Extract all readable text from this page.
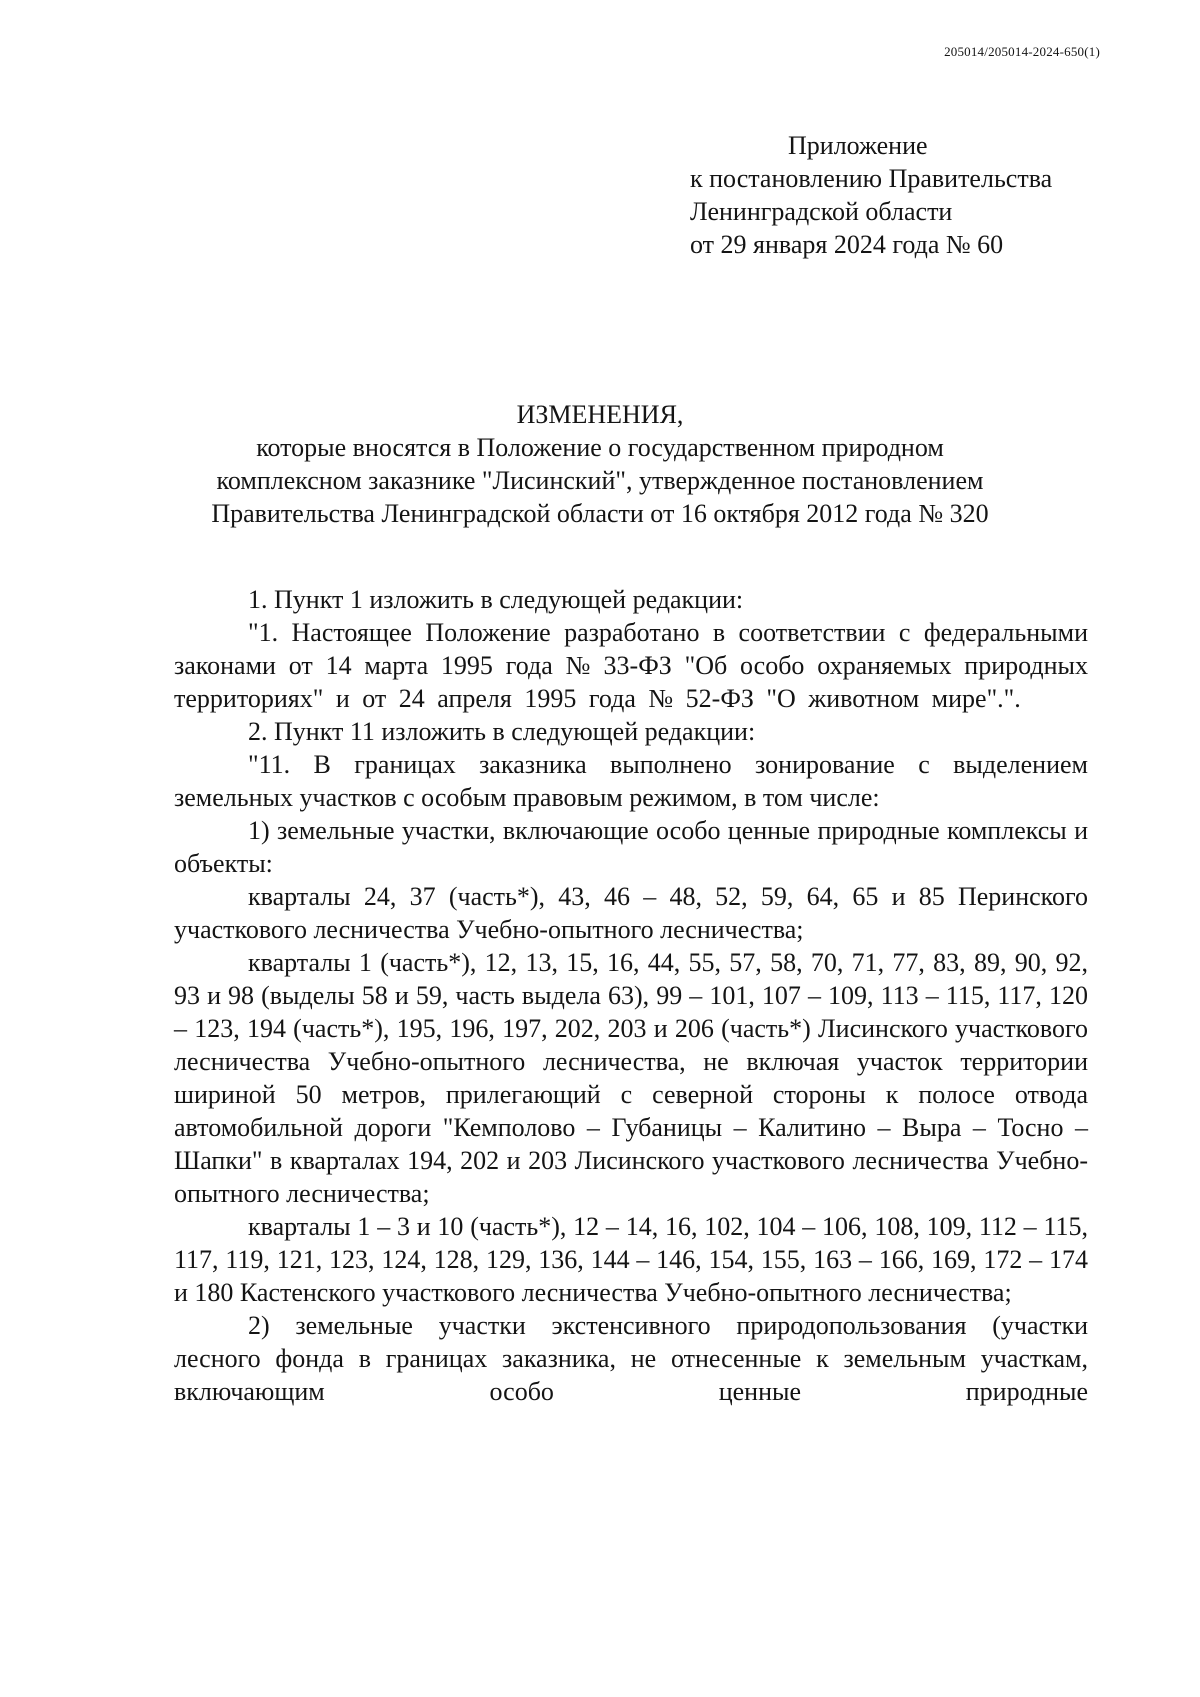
205014/205014-2024-650(1)
Приложение
к постановлению Правительства
Ленинградской области
от 29 января 2024 года № 60
ИЗМЕНЕНИЯ,
которые вносятся в Положение о государственном природном
комплексном заказнике "Лисинский", утвержденное постановлением
Правительства Ленинградской области от 16 октября 2012 года № 320

1. Пункт 1 изложить в следующей редакции:

"1. Настоящее Положение разработано в соответствии с федеральными законами от 14 марта 1995 года № 33-ФЗ "Об особо охраняемых природных территориях" и от 24 апреля 1995 года № 52-ФЗ "О животном мире".".

2. Пункт 11 изложить в следующей редакции:

"11. В границах заказника выполнено зонирование с выделением земельных участков с особым правовым режимом, в том числе:

1) земельные участки, включающие особо ценные природные комплексы и объекты:

кварталы 24, 37 (часть*), 43, 46 – 48, 52, 59, 64, 65 и 85 Перинского участкового лесничества Учебно-опытного лесничества;

кварталы 1 (часть*), 12, 13, 15, 16, 44, 55, 57, 58, 70, 71, 77, 83, 89, 90, 92, 93 и 98 (выделы 58 и 59, часть выдела 63), 99 – 101, 107 – 109, 113 – 115, 117, 120 – 123, 194 (часть*), 195, 196, 197, 202, 203 и 206 (часть*) Лисинского участкового лесничества Учебно-опытного лесничества, не включая участок территории шириной 50 метров, прилегающий с северной стороны к полосе отвода автомобильной дороги "Кемполово – Губаницы – Калитино – Выра – Тосно – Шапки" в кварталах 194, 202 и 203 Лисинского участкового лесничества Учебно-опытного лесничества;

кварталы 1 – 3 и 10 (часть*), 12 – 14, 16, 102, 104 – 106, 108, 109, 112 – 115, 117, 119, 121, 123, 124, 128, 129, 136, 144 – 146, 154, 155, 163 – 166, 169, 172 – 174 и 180 Кастенского участкового лесничества Учебно-опытного лесничества;

2) земельные участки экстенсивного природопользования (участки лесного фонда в границах заказника, не отнесенные к земельным участкам, включающим особо ценные природные
